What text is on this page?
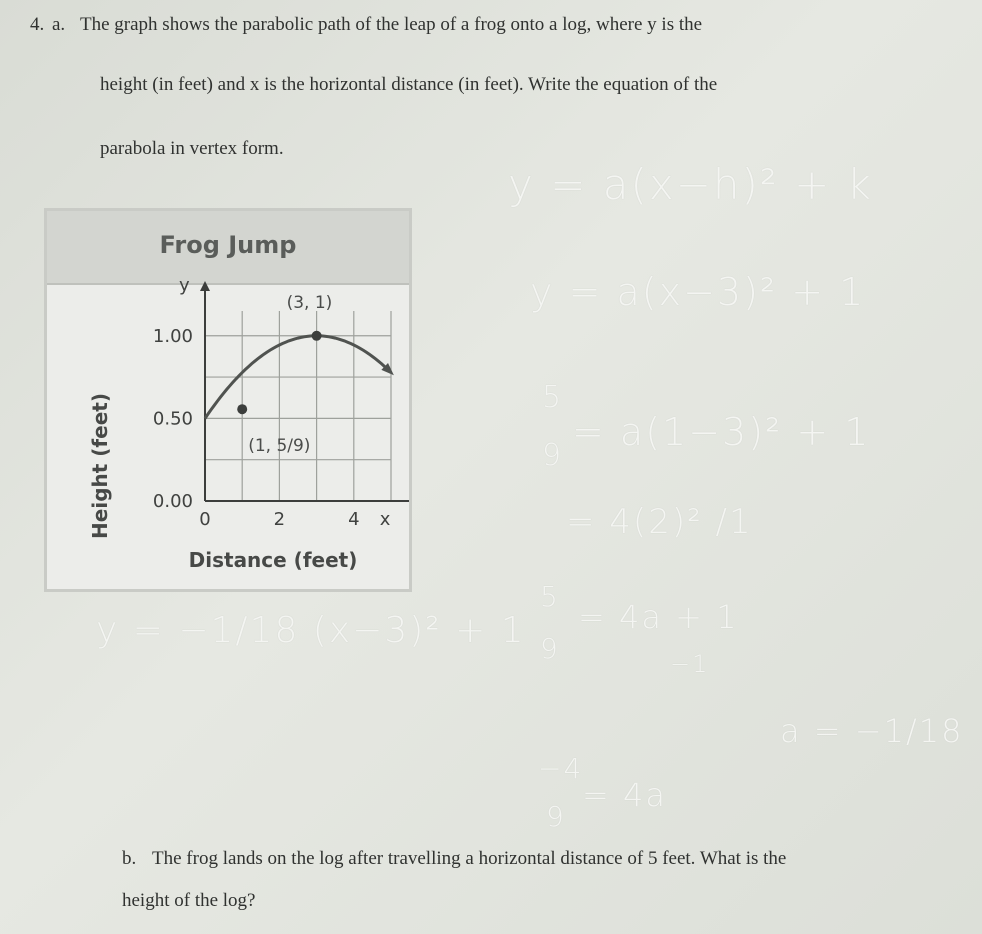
4. a. The graph shows the parabolic path of the leap of a frog onto a log, where y is the
height (in feet) and x is the horizontal distance (in feet). Write the equation of the
parabola in vertex form.
y = a(x−h)² + k
y = a(x−3)² + 1
5
9
= a(1−3)² + 1
= 4(2)² /1
5
9
= 4a + 1
−1
−4
9
= 4a
a = −1/18
y = −1/18 (x−3)² + 1
Frog Jump
(1, 5/9)
(3, 1)
0	2	4
0.00
0.50
1.00
x
y
Height (feet)
Distance (feet)
b. The frog lands on the log after travelling a horizontal distance of 5 feet. What is the
height of the log?
